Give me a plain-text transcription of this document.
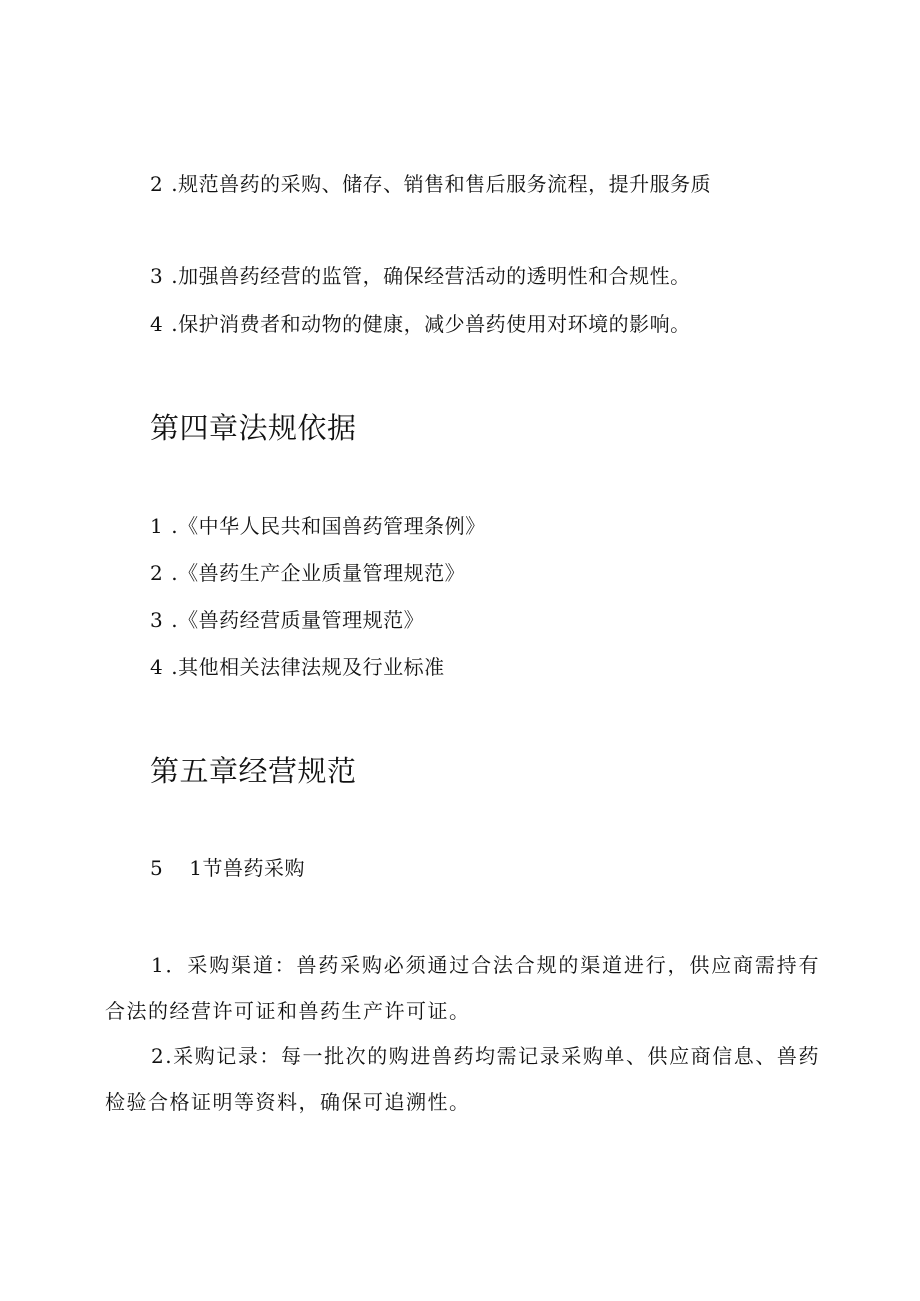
2 .规范兽药的采购、储存、销售和售后服务流程，提升服务质
3 .加强兽药经营的监管，确保经营活动的透明性和合规性。
4 .保护消费者和动物的健康，减少兽药使用对环境的影响。
第四章法规依据
1 .《中华人民共和国兽药管理条例》
2 .《兽药生产企业质量管理规范》
3 .《兽药经营质量管理规范》
4 .其他相关法律法规及行业标准
第五章经营规范
5 1节兽药采购
1．采购渠道：兽药采购必须通过合法合规的渠道进行，供应商需持有合法的经营许可证和兽药生产许可证。
2.采购记录：每一批次的购进兽药均需记录采购单、供应商信息、兽药检验合格证明等资料，确保可追溯性。
